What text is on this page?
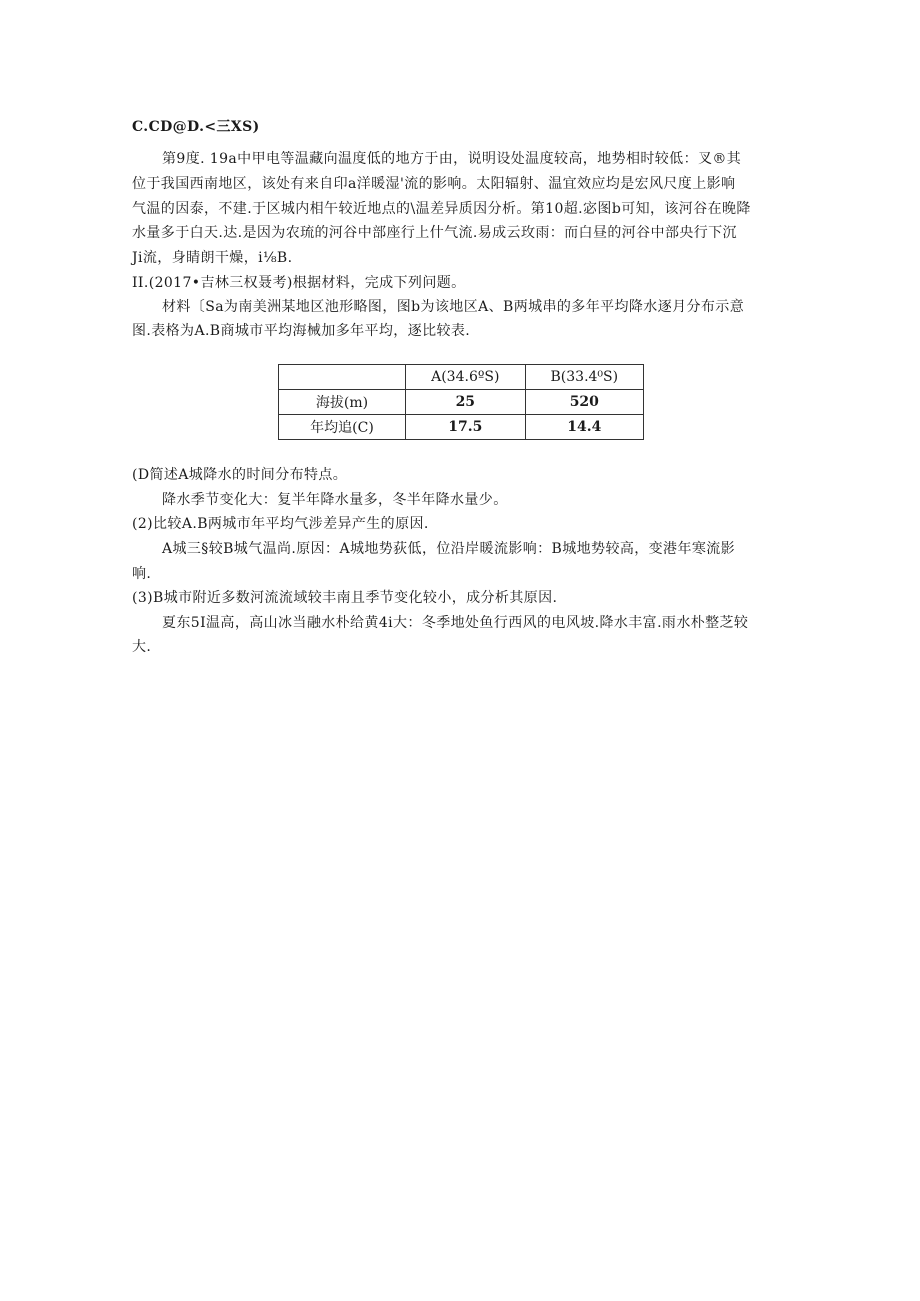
C.CD@D.<三XS)
第9度. 19a中甲电等温藏向温度低的地方于由，说明设处温度较高，地势相时较低：叉®其
位于我国西南地区，该处有来自印a洋暖湿'流的影响。太阳辐射、温宜效应均是宏风尺度上影响
气温的因泰，不建.于区城内相午较近地点的\温差异质因分析。第10超.宓图b可知，该河谷在晚降
水量多于白天.达.是因为农琉的河谷中部座行上什气流.易成云玫雨：而白昼的河谷中部央行下沉
Ji流，身睛朗干燥，i⅛B.
II.(2017•吉林三权聂考)根据材料，完成下列问题。
材料〔Sa为南美洲某地区池形略图，图b为该地区A、B两城串的多年平均降水逐月分布示意
图.表格为A.B商城市平均海械加多年平均，逐比较表.
	A(34.6ºS)	B(33.4⁰S)
海拔(m)	25	520
年均追(C)	17.5	14.4
(D简述A城降水的时间分布特点。
降水季节变化大：复半年降水量多，冬半年降水量少。
(2)比较A.B两城市年平均气涉差异产生的原因.
A城三§较B城气温尚.原因：A城地势荻低，位沿岸暖流影响：B城地势较高，变港年寒流影
响.
(3)B城市附近多数河流流域较丰南且季节变化较小，成分析其原因.
夏东5I温高，高山冰当融水朴给黄4i大：冬季地处鱼行西风的电风坡.降水丰富.雨水朴整芝较
大.
